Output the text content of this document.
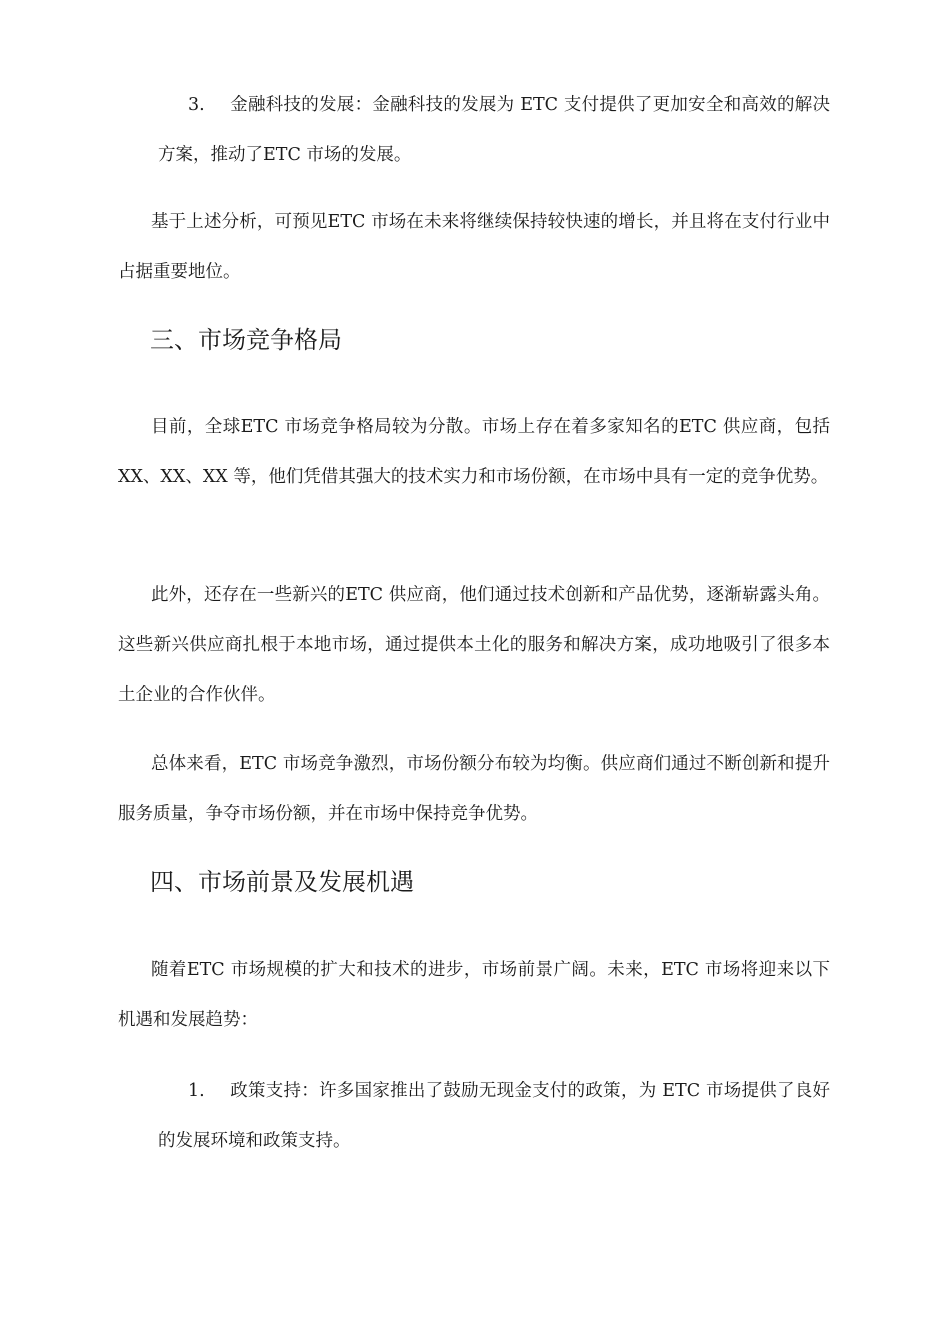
3. 金融科技的发展：金融科技的发展为 ETC 支付提供了更加安全和高效的解决方案，推动了ETC 市场的发展。

基于上述分析，可预见ETC 市场在未来将继续保持较快速的增长，并且将在支付行业中占据重要地位。

三、市场竞争格局

目前，全球ETC 市场竞争格局较为分散。市场上存在着多家知名的ETC 供应商，包括XX、XX、XX 等，他们凭借其强大的技术实力和市场份额，在市场中具有一定的竞争优势。

此外，还存在一些新兴的ETC 供应商，他们通过技术创新和产品优势，逐渐崭露头角。这些新兴供应商扎根于本地市场，通过提供本土化的服务和解决方案，成功地吸引了很多本土企业的合作伙伴。

总体来看，ETC 市场竞争激烈，市场份额分布较为均衡。供应商们通过不断创新和提升服务质量，争夺市场份额，并在市场中保持竞争优势。

四、市场前景及发展机遇

随着ETC 市场规模的扩大和技术的进步，市场前景广阔。未来，ETC 市场将迎来以下机遇和发展趋势：

1. 政策支持：许多国家推出了鼓励无现金支付的政策，为 ETC 市场提供了良好的发展环境和政策支持。
